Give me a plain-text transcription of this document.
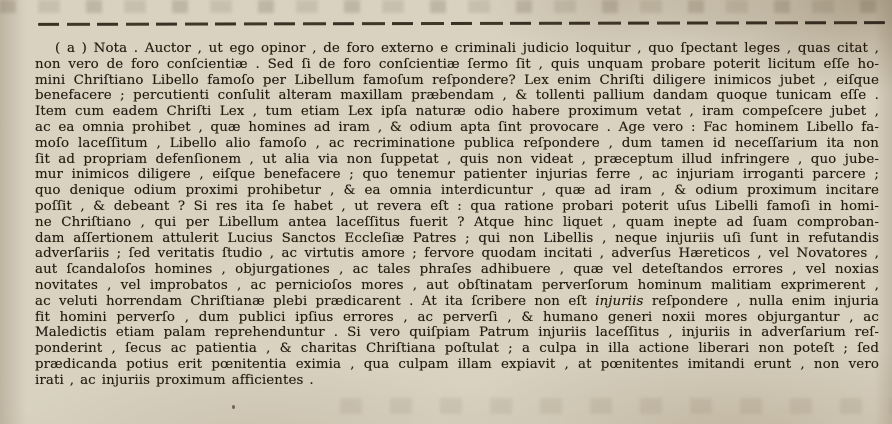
( a ) Nota . Auctor , ut ego opinor , de foro externo e criminali judicio loquitur , quo ſpectant leges , quas citat ,
non vero de foro conſcientiæ . Sed ſi de foro conſcientiæ ſermo ſit , quis unquam probare poterit licitum eſſe ho-
mini Chriſtiano Libello famoſo per Libellum famoſum reſpondere? Lex enim Chriſti diligere inimicos jubet , eiſque
benefacere ; percutienti conſulit alteram maxillam præbendam , & tollenti pallium dandam quoque tunicam eſſe .
Item cum eadem Chriſti Lex , tum etiam Lex ipſa naturæ odio habere proximum vetat , iram compeſcere jubet ,
ac ea omnia prohibet , quæ homines ad iram , & odium apta ſint provocare . Age vero : Fac hominem Libello fa-
moſo laceſſitum , Libello alio famoſo , ac recriminatione publica reſpondere , dum tamen id neceſſarium ita non
ſit ad propriam defenſionem , ut alia via non ſuppetat , quis non videat , præceptum illud infringere , quo jube-
mur inimicos diligere , eiſque benefacere ; quo tenemur patienter injurias ferre , ac injuriam irroganti parcere ;
quo denique odium proximi prohibetur , & ea omnia interdicuntur , quæ ad iram , & odium proximum incitare
poſſit , & debeant ? Si res ita ſe habet , ut revera eſt : qua ratione probari poterit uſus Libelli famoſi in homi-
ne Chriſtiano , qui per Libellum antea laceſſitus fuerit ? Atque hinc liquet , quam inepte ad ſuam comproban-
dam aſſertionem attulerit Lucius Sanctos Eccleſiæ Patres ; qui non Libellis , neque injuriis uſi ſunt in refutandis
adverſariis ; ſed veritatis ſtudio , ac virtutis amore ; fervore quodam incitati , adverſus Hæreticos , vel Novatores ,
aut ſcandaloſos homines , objurgationes , ac tales phraſes adhibuere , quæ vel deteſtandos errores , vel noxias
novitates , vel improbatos , ac pernicioſos mores , aut obſtinatam perverſorum hominum malitiam exprimerent ,
ac veluti horrendam Chriſtianæ plebi prædicarent . At ita ſcribere non eſt injuriis reſpondere , nulla enim injuria
fit homini perverſo , dum publici ipſius errores , ac perverſi , & humano generi noxii mores objurgantur , ac
Maledictis etiam palam reprehenduntur . Si vero quiſpiam Patrum injuriis laceſſitus , injuriis in adverſarium reſ-
ponderint , ſecus ac patientia , & charitas Chriſtiana poſtulat ; a culpa in illa actione liberari non poteſt ; ſed
prædicanda potius erit pœnitentia eximia , qua culpam illam expiavit , at pœnitentes imitandi erunt , non vero
irati , ac injuriis proximum afficientes .
